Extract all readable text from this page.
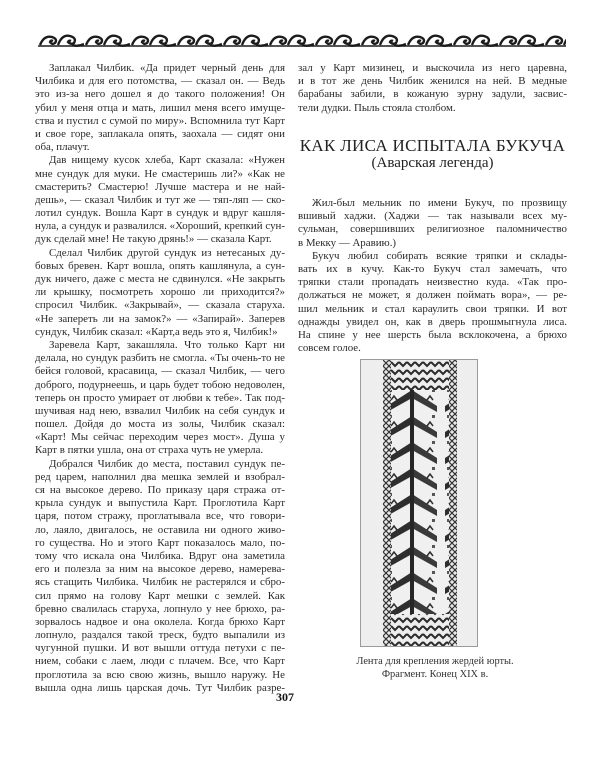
Заплакал Чилбик. «Да придет черный день для
Чилбика и для его потомства, — сказал он. — Ведь
это из-за него дошел я до такого положения! Он
убил у меня отца и мать, лишил меня всего имуще-
ства и пустил с сумой по миру». Вспомнила тут Карт
и свое горе, заплакала опять, заохала — сидят они
оба, плачут.
Дав нищему кусок хлеба, Карт сказала: «Нужен
мне сундук для муки. Не смастеришь ли?» «Как не
смастерить? Смастерю! Лучше мастера и не най-
дешь», — сказал Чилбик и тут же — тяп-ляп — ско-
лотил сундук. Вошла Карт в сундук и вдруг кашля-
нула, а сундук и развалился. «Хороший, крепкий сун-
дук сделай мне! Не такую дрянь!» — сказала Карт.
Сделал Чилбик другой сундук из нетесаных ду-
бовых бревен. Карт вошла, опять кашлянула, а сун-
дук ничего, даже с места не сдвинулся. «Не закрыть
ли крышку, посмотреть хорошо ли приходится?»
спросил Чилбик. «Закрывай», — сказала старуха.
«Не запереть ли на замок?» — «Запирай». Заперев
сундук, Чилбик сказал: «Карт,а ведь это я, Чилбик!»
Заревела Карт, закашляла. Что только Карт ни
делала, но сундук разбить не смогла. «Ты очень-то не
бейся головой, красавица, — сказал Чилбик, — чего
доброго, подурнеешь, и царь будет тобою недоволен,
теперь он просто умирает от любви к тебе». Так под-
шучивая над нею, взвалил Чилбик на себя сундук и
пошел. Дойдя до моста из золы, Чилбик сказал:
«Карт! Мы сейчас переходим через мост». Душа у
Карт в пятки ушла, она от страха чуть не умерла.
Добрался Чилбик до места, поставил сундук пе-
ред царем, наполнил два мешка землей и взобрал-
ся на высокое дерево. По приказу царя стража от-
крыла сундук и выпустила Карт. Проглотила Карт
царя, потом стражу, проглатывала все, что говори-
ло, лаяло, двигалось, не оставила ни одного живо-
го существа. Но и этого Карт показалось мало, по-
тому что искала она Чилбика. Вдруг она заметила
его и полезла за ним на высокое дерево, намерева-
ясь стащить Чилбика. Чилбик не растерялся и сбро-
сил прямо на голову Карт мешки с землей. Как
бревно свалилась старуха, лопнуло у нее брюхо, ра-
зорвалось надвое и она околела. Когда брюхо Карт
лопнуло, раздался такой треск, будто выпалили из
чугунной пушки. И вот вышли оттуда петухи с пе-
нием, собаки с лаем, люди с плачем. Все, что Карт
проглотила за всю свою жизнь, вышло наружу. Не
вышла одна лишь царская дочь. Тут Чилбик разре-
зал у Карт мизинец, и выскочила из него царевна,
и в тот же день Чилбик женился на ней. В медные
барабаны забили, в кожаную зурну задули, засвис-
тели дудки. Пыль стояла столбом.
КАК ЛИСА ИСПЫТАЛА БУКУЧА
(Аварская легенда)
Жил-был мельник по имени Букуч, по прозвищу
вшивый хаджи. (Хаджи — так называли всех му-
сульман, совершивших религиозное паломничество
в Мекку — Аравию.)
Букуч любил собирать всякие тряпки и склады-
вать их в кучу. Как-то Букуч стал замечать, что
тряпки стали пропадать неизвестно куда. «Так про-
должаться не может, я должен поймать вора», — ре-
шил мельник и стал караулить свои тряпки. И вот
однажды увидел он, как в дверь прошмыгнула лиса.
На спине у нее шерсть была всклокочена, а брюхо
совсем голое.
Лента для крепления жердей юрты.
Фрагмент. Конец XIX в.
307
